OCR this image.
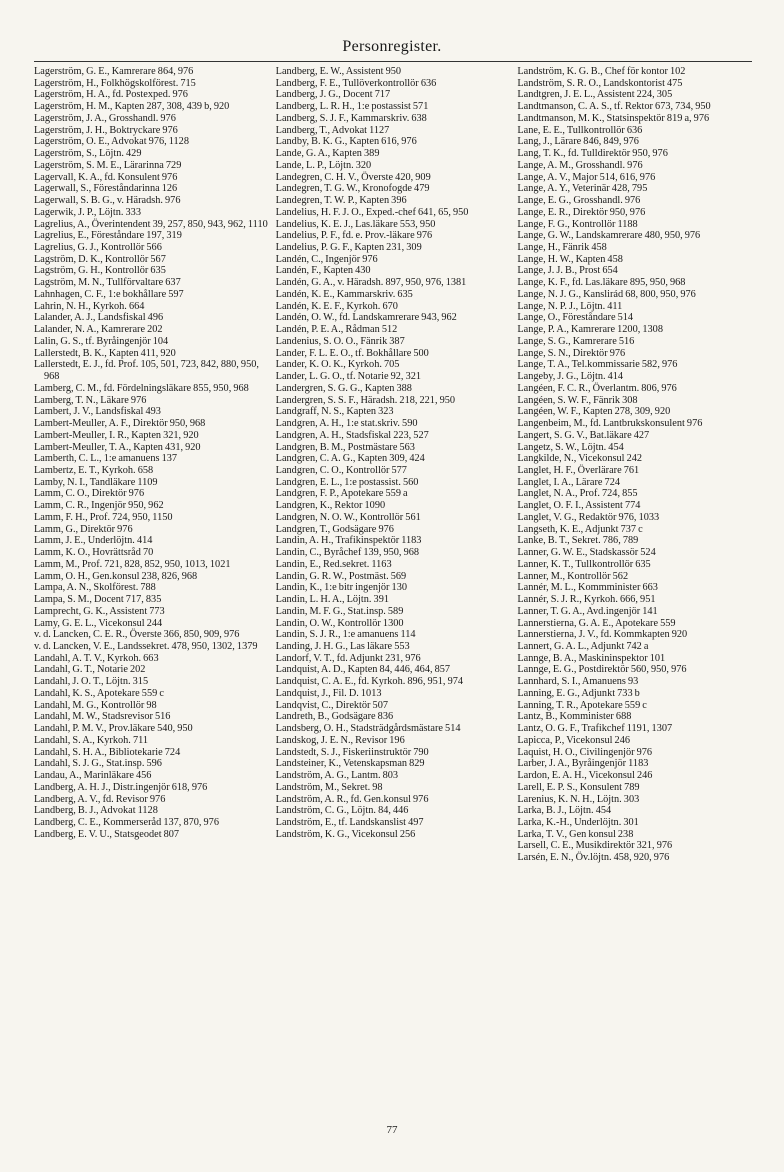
Personregister.

Lagerström, G. E., Kamrerare 864, 976

Lagerström, H., Folkhögskolförest. 715

Lagerström, H. A., fd. Postexped. 976

Lagerström, H. M., Kapten 287, 308, 439 b, 920

Lagerström, J. A., Grosshandl. 976

Lagerström, J. H., Boktryckare 976

Lagerström, O. E., Advokat 976, 1128

Lagerström, S., Löjtn. 429

Lagerström, S. M. E., Lärarinna 729

Lagervall, K. A., fd. Konsulent 976

Lagerwall, S., Föreståndarinna 126

Lagerwall, S. B. G., v. Häradsh. 976

Lagerwik, J. P., Löjtn. 333

Lagrelius, A., Överintendent 39, 257, 850, 943, 962, 1110

Lagrelius, E., Föreståndare 197, 319

Lagrelius, G. J., Kontrollör 566

Lagström, D. K., Kontrollör 567

Lagström, G. H., Kontrollör 635

Lagström, M. N., Tullförvaltare 637

Lahnhagen, C. F., 1:e bokhållare 597

Lahrin, N. H., Kyrkoh. 664

Lalander, A. J., Landsfiskal 496

Lalander, N. A., Kamrerare 202

Lalin, G. S., tf. Byråingenjör 104

Lallerstedt, B. K., Kapten 411, 920

Lallerstedt, E. J., fd. Prof. 105, 501, 723, 842, 880, 950, 968

Lamberg, C. M., fd. Fördelningsläkare 855, 950, 968

Lamberg, T. N., Läkare 976

Lambert, J. V., Landsfiskal 493

Lambert-Meuller, A. F., Direktör 950, 968

Lambert-Meuller, I. R., Kapten 321, 920

Lambert-Meuller, T. A., Kapten 431, 920

Lamberth, C. L., 1:e amanuens 137

Lambertz, E. T., Kyrkoh. 658

Lamby, N. I., Tandläkare 1109

Lamm, C. O., Direktör 976

Lamm, C. R., Ingenjör 950, 962

Lamm, F. H., Prof. 724, 950, 1150

Lamm, G., Direktör 976

Lamm, J. E., Underlöjtn. 414

Lamm, K. O., Hovrättsråd 70

Lamm, M., Prof. 721, 828, 852, 950, 1013, 1021

Lamm, O. H., Gen.konsul 238, 826, 968

Lampa, A. N., Skolförest. 788

Lampa, S. M., Docent 717, 835

Lamprecht, G. K., Assistent 773

Lamy, G. E. L., Vicekonsul 244

v. d. Lancken, C. E. R., Överste 366, 850, 909, 976

v. d. Lancken, V. E., Landssekret. 478, 950, 1302, 1379

Landahl, A. T. V., Kyrkoh. 663

Landahl, G. T., Notarie 202

Landahl, J. O. T., Löjtn. 315

Landahl, K. S., Apotekare 559 c

Landahl, M. G., Kontrollör 98

Landahl, M. W., Stadsrevisor 516

Landahl, P. M. V., Prov.läkare 540, 950

Landahl, S. A., Kyrkoh. 711

Landahl, S. H. A., Bibliotekarie 724

Landahl, S. J. G., Stat.insp. 596

Landau, A., Marinläkare 456

Landberg, A. H. J., Distr.ingenjör 618, 976

Landberg, A. V., fd. Revisor 976

Landberg, B. J., Advokat 1128

Landberg, C. E., Kommerseråd 137, 870, 976

Landberg, E. V. U., Statsgeodet 807

Landberg, E. W., Assistent 950

Landberg, F. E., Tullöverkontrollör 636

Landberg, J. G., Docent 717

Landberg, L. R. H., 1:e postassist 571

Landberg, S. J. F., Kammarskriv. 638

Landberg, T., Advokat 1127

Landby, B. K. G., Kapten 616, 976

Lande, G. A., Kapten 389

Lande, L. P., Löjtn. 320

Landegren, C. H. V., Överste 420, 909

Landegren, T. G. W., Kronofogde 479

Landegren, T. W. P., Kapten 396

Landelius, H. F. J. O., Exped.-chef 641, 65, 950

Landelius, K. E. J., Las.läkare 553, 950

Landelius, P. F., fd. e. Prov.-läkare 976

Landelius, P. G. F., Kapten 231, 309

Landén, C., Ingenjör 976

Landén, F., Kapten 430

Landén, G. A., v. Häradsh. 897, 950, 976, 1381

Landén, K. E., Kammarskriv. 635

Landén, K. E. F., Kyrkoh. 670

Landén, O. W., fd. Landskamrerare 943, 962

Landén, P. E. A., Rådman 512

Landenius, S. O. O., Fänrik 387

Lander, F. L. E. O., tf. Bokhållare 500

Lander, K. O. K., Kyrkoh. 705

Lander, L. G. O., tf. Notarie 92, 321

Landergren, S. G. G., Kapten 388

Landergren, S. S. F., Häradsh. 218, 221, 950

Landgraff, N. S., Kapten 323

Landgren, A. H., 1:e stat.skriv. 590

Landgren, A. H., Stadsfiskal 223, 527

Landgren, B. M., Postmästare 563

Landgren, C. A. G., Kapten 309, 424

Landgren, C. O., Kontrollör 577

Landgren, E. L., 1:e postassist. 560

Landgren, F. P., Apotekare 559 a

Landgren, K., Rektor 1090

Landgren, N. O. W., Kontrollör 561

Landgren, T., Godsägare 976

Landin, A. H., Trafikinspektör 1183

Landin, C., Byråchef 139, 950, 968

Landin, E., Red.sekret. 1163

Landin, G. R. W., Postmäst. 569

Landin, K., 1:e bitr ingenjör 130

Landin, L. H. A., Löjtn. 391

Landin, M. F. G., Stat.insp. 589

Landin, O. W., Kontrollör 1300

Landin, S. J. R., 1:e amanuens 114

Landing, J. H. G., Las läkare 553

Landorf, V. T., fd. Adjunkt 231, 976

Landquist, A. D., Kapten 84, 446, 464, 857

Landquist, C. A. E., fd. Kyrkoh. 896, 951, 974

Landquist, J., Fil. D. 1013

Landqvist, C., Direktör 507

Landreth, B., Godsägare 836

Landsberg, O. H., Stadsträdgårdsmästare 514

Landskog, J. E. N., Revisor 196

Landstedt, S. J., Fiskeriinstruktör 790

Landsteiner, K., Vetenskapsman 829

Landström, A. G., Lantm. 803

Landström, M., Sekret. 98

Landström, A. R., fd. Gen.konsul 976

Landström, C. G., Löjtn. 84, 446

Landström, E., tf. Landskanslist 497

Landström, K. G., Vicekonsul 256

Landström, K. G. B., Chef för kontor 102

Landström, S. R. O., Landskontorist 475

Landtgren, J. E. L., Assistent 224, 305

Landtmanson, C. A. S., tf. Rektor 673, 734, 950

Landtmanson, M. K., Statsinspektör 819 a, 976

Lane, E. E., Tullkontrollör 636

Lang, J., Lärare 846, 849, 976

Lang, T. K., fd. Tulldirektör 950, 976

Lange, A. M., Grosshandl. 976

Lange, A. V., Major 514, 616, 976

Lange, A. Y., Veterinär 428, 795

Lange, E. G., Grosshandl. 976

Lange, E. R., Direktör 950, 976

Lange, F. G., Kontrollör 1188

Lange, G. W., Landskamrerare 480, 950, 976

Lange, H., Fänrik 458

Lange, H. W., Kapten 458

Lange, J. J. B., Prost 654

Lange, K. F., fd. Las.läkare 895, 950, 968

Lange, N. J. G., Kanslirád 68, 800, 950, 976

Lange, N. P. J., Löjtn. 411

Lange, O., Föreståndare 514

Lange, P. A., Kamrerare 1200, 1308

Lange, S. G., Kamrerare 516

Lange, S. N., Direktör 976

Lange, T. A., Tel.kommissarie 582, 976

Langeby, J. G., Löjtn. 414

Langéen, F. C. R., Överlantm. 806, 976

Langéen, S. W. F., Fänrik 308

Langéen, W. F., Kapten 278, 309, 920

Langenbeim, M., fd. Lantbrukskonsulent 976

Langert, S. G. V., Bat.läkare 427

Langetz, S. W., Löjtn. 454

Langkilde, N., Vicekonsul 242

Langlet, H. F., Överlärare 761

Langlet, I. A., Lärare 724

Langlet, N. A., Prof. 724, 855

Langlet, O. F. I., Assistent 774

Langlet, V. G., Redaktör 976, 1033

Langseth, K. E., Adjunkt 737 c

Lanke, B. T., Sekret. 786, 789

Lanner, G. W. E., Stadskassör 524

Lanner, K. T., Tullkontrollör 635

Lanner, M., Kontrollör 562

Lannér, M. L., Kommminister 663

Lannér, S. J. R., Kyrkoh. 666, 951

Lanner, T. G. A., Avd.ingenjör 141

Lannerstierna, G. A. E., Apotekare 559

Lannerstierna, J. V., fd. Kommkapten 920

Lannert, G. A. L., Adjunkt 742 a

Lannge, B. A., Maskininspektor 101

Lannge, E. G., Postdirektör 560, 950, 976

Lannhard, S. I., Amanuens 93

Lanning, E. G., Adjunkt 733 b

Lanning, T. R., Apotekare 559 c

Lantz, B., Komminister 688

Lantz, O. G. F., Trafikchef 1191, 1307

Lapicca, P., Vicekonsul 246

Laquist, H. O., Civilingenjör 976

Larber, J. A., Byråingenjör 1183

Lardon, E. A. H., Vicekonsul 246

Larell, E. P. S., Konsulent 789

Larenius, K. N. H., Löjtn. 303

Larka, B. J., Löjtn. 454

Larka, K.-H., Underlöjtn. 301

Larka, T. V., Gen konsul 238

Larsell, C. E., Musikdirektör 321, 976

Larsén, E. N., Öv.löjtn. 458, 920, 976

77
